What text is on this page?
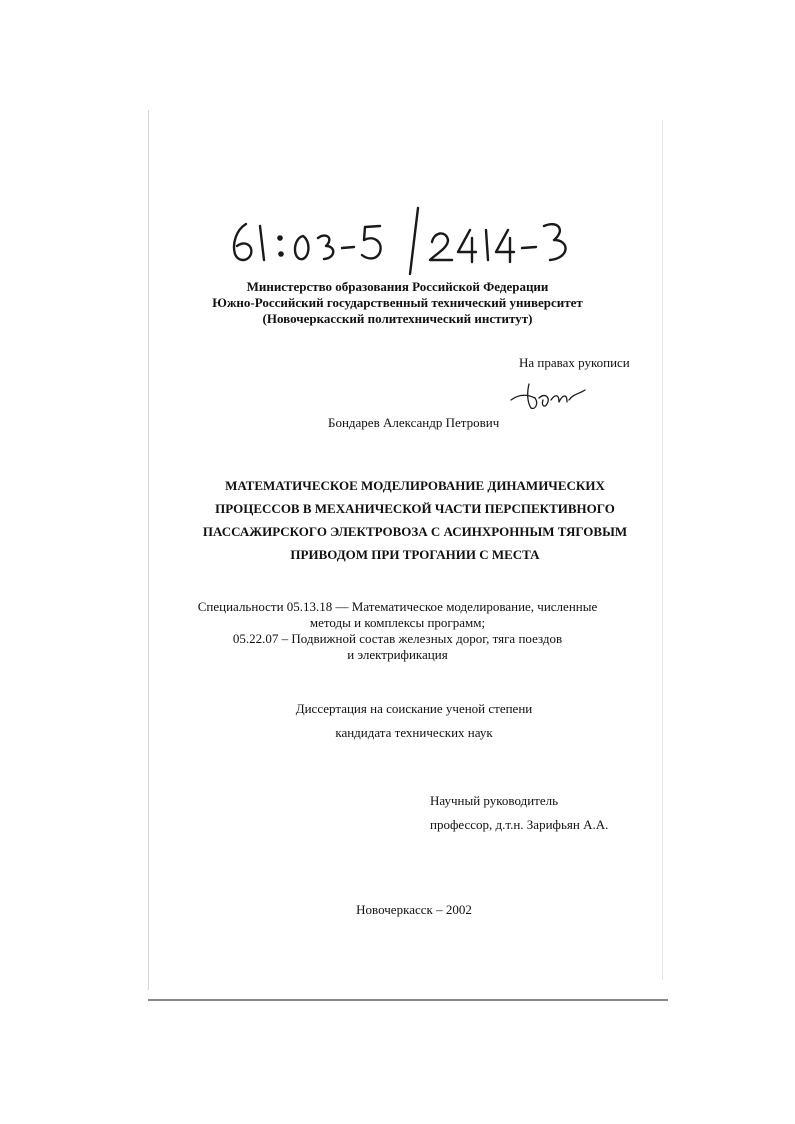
Министерство образования Российской Федерации
Южно-Российский государственный технический университет
(Новочеркасский политехнический институт)
На правах рукописи
Бондарев Александр Петрович
МАТЕМАТИЧЕСКОЕ МОДЕЛИРОВАНИЕ ДИНАМИЧЕСКИХ
ПРОЦЕССОВ В МЕХАНИЧЕСКОЙ ЧАСТИ ПЕРСПЕКТИВНОГО
ПАССАЖИРСКОГО ЭЛЕКТРОВОЗА С АСИНХРОННЫМ ТЯГОВЫМ
ПРИВОДОМ ПРИ ТРОГАНИИ С МЕСТА
Специальности 05.13.18 — Математическое моделирование, численные
методы и комплексы программ;
05.22.07 – Подвижной состав железных дорог, тяга поездов
и электрификация
Диссертация на соискание ученой степени
кандидата технических наук
Научный руководитель
профессор, д.т.н. Зарифьян А.А.
Новочеркасск – 2002
